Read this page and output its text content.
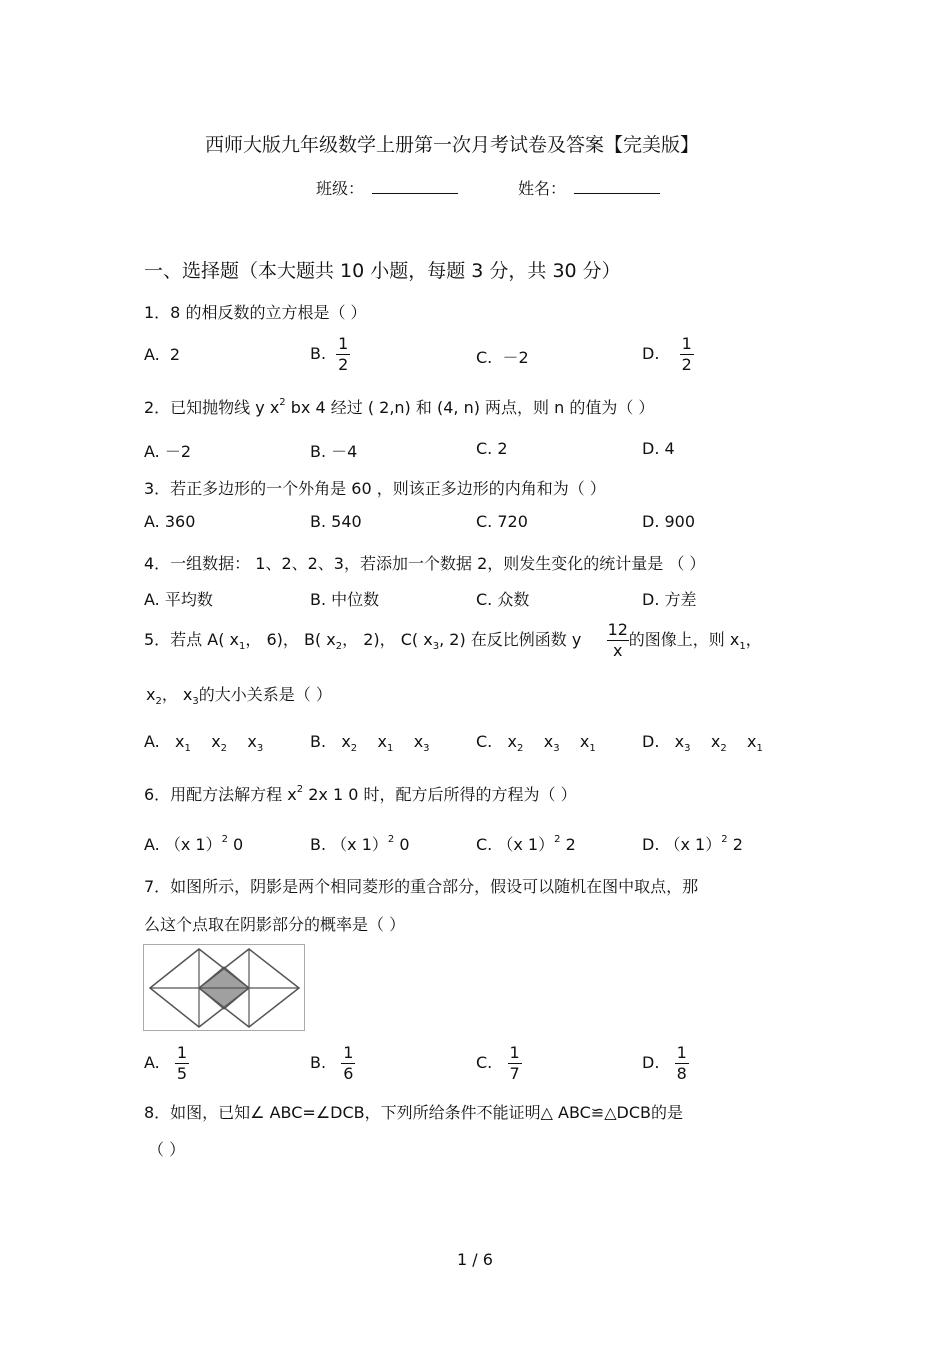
西师大版九年级数学上册第一次月考试卷及答案【完美版】
班级：	姓名：
一、选择题（本大题共 10 小题，每题 3 分，共 30 分）
1．8 的相反数的立方根是（ ）
A. 2	B. $\frac{1}{2}$	C. －2	D. $\frac{1}{2}$
2．已知抛物线 y $x^2$ bx 4 经过 ( 2,n) 和 (4, n) 两点，则 n 的值为（ ）
A. －2	B. －4	C. 2	D. 4
3．若正多边形的一个外角是 60 ，则该正多边形的内角和为（ ）
A. 360	B. 540	C. 720	D. 900
4．一组数据： 1、2、2、3，若添加一个数据 2，则发生变化的统计量是 （ ）
A. 平均数	B. 中位数	C. 众数	D. 方差
5．若点 A( $x_1$， 6)， B( $x_2$， 2)， C( $x_3$, 2) 在反比例函数 y $\frac{12}{x}$ 的图像上，则 $x_1$，
$x_2$， $x_3$的大小关系是（ ）
A. $x_1$ $x_2$ $x_3$	B. $x_2$ $x_1$ $x_3$	C. $x_2$ $x_3$ $x_1$	D. $x_3$ $x_2$ $x_1$
6．用配方法解方程 $x^2$ 2x 1 0 时，配方后所得的方程为（ ）
A. （x 1）$^2$ 0	B. （x 1）$^2$ 0	C. （x 1）$^2$ 2	D. （x 1）$^2$ 2
7．如图所示，阴影是两个相同菱形的重合部分，假设可以随机在图中取点，那
么这个点取在阴影部分的概率是（ ）
A. $\frac{1}{5}$	B. $\frac{1}{6}$	C. $\frac{1}{7}$	D. $\frac{1}{8}$
8．如图，已知∠ ABC=∠DCB，下列所给条件不能证明△ ABC≌△DCB的是
（ ）
1 / 6
